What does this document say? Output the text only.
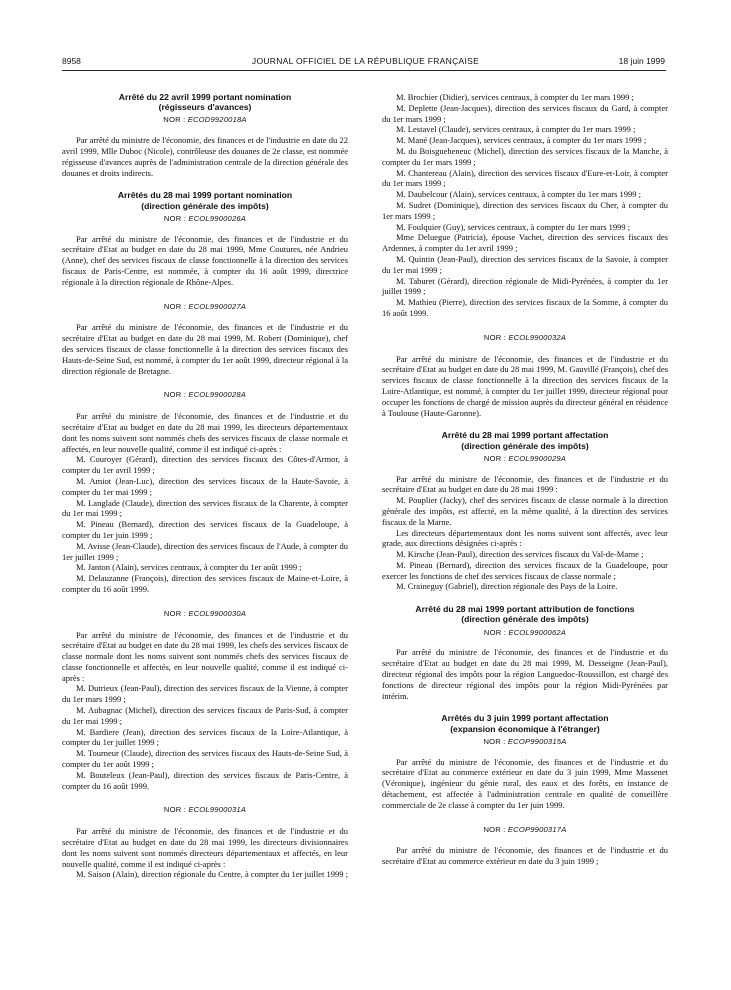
8958	JOURNAL OFFICIEL DE LA RÉPUBLIQUE FRANÇAISE	18 juin 1999
Arrêté du 22 avril 1999 portant nomination
(régisseurs d'avances)
NOR : ECOD9920018A

Par arrêté du ministre de l'économie, des finances et de l'industrie en date du 22 avril 1999, Mlle Duboc (Nicole), contrôleuse des douanes de 2e classe, est nommée régisseuse d'avances auprès de l'administration centrale de la direction générale des douanes et droits indirects.

Arrêtés du 28 mai 1999 portant nomination
(direction générale des impôts)
NOR : ECOL9900026A

Par arrêté du ministre de l'économie, des finances et de l'industrie et du secrétaire d'Etat au budget en date du 28 mai 1999, Mme Coutures, née Andrieu (Anne), chef des services fiscaux de classe fonctionnelle à la direction des services fiscaux de Paris-Centre, est nommée, à compter du 16 août 1999, directrice régionale à la direction régionale de Rhône-Alpes.

NOR : ECOL9900027A

Par arrêté du ministre de l'économie, des finances et de l'industrie et du secrétaire d'Etat au budget en date du 28 mai 1999, M. Robert (Dominique), chef des services fiscaux de classe fonctionnelle à la direction des services fiscaux des Hauts-de-Seine Sud, est nommé, à compter du 1er août 1999, directeur régional à la direction régionale de Bretagne.

NOR : ECOL9900028A

Par arrêté du ministre de l'économie, des finances et de l'industrie et du secrétaire d'Etat au budget en date du 28 mai 1999, les directeurs départementaux dont les noms suivent sont nommés chefs des services fiscaux de classe normale et affectés, en leur nouvelle qualité, comme il est indiqué ci-après :

M. Couroyer (Gérard), direction des services fiscaux des Côtes-d'Armor, à compter du 1er avril 1999 ;

M. Amiot (Jean-Luc), direction des services fiscaux de la Haute-Savoie, à compter du 1er mai 1999 ;

M. Langlade (Claude), direction des services fiscaux de la Charente, à compter du 1er mai 1999 ;

M. Pineau (Bernard), direction des services fiscaux de la Guadeloupe, à compter du 1er juin 1999 ;

M. Avisse (Jean-Claude), direction des services fiscaux de l'Aude, à compter du 1er juillet 1999 ;

M. Janton (Alain), services centraux, à compter du 1er août 1999 ;

M. Delauzanne (François), direction des services fiscaux de Maine-et-Loire, à compter du 16 août 1999.

NOR : ECOL9900030A

Par arrêté du ministre de l'économie, des finances et de l'industrie et du secrétaire d'Etat au budget en date du 28 mai 1999, les chefs des services fiscaux de classe normale dont les noms suivent sont nommés chefs des services fiscaux de classe fonctionnelle et affectés, en leur nouvelle qualité, comme il est indiqué ci-après :

M. Dutrieux (Jean-Paul), direction des services fiscaux de la Vienne, à compter du 1er mars 1999 ;

M. Aubagnac (Michel), direction des services fiscaux de Paris-Sud, à compter du 1er mai 1999 ;

M. Bardiere (Jean), direction des services fiscaux de la Loire-Atlantique, à compter du 1er juillet 1999 ;

M. Tourneur (Claude), direction des services fiscaux des Hauts-de-Seine Sud, à compter du 1er août 1999 ;

M. Bouteleux (Jean-Paul), direction des services fiscaux de Paris-Centre, à compter du 16 août 1999.

NOR : ECOL9900031A

Par arrêté du ministre de l'économie, des finances et de l'industrie et du secrétaire d'Etat au budget en date du 28 mai 1999, les directeurs divisionnaires dont les noms suivent sont nommés directeurs départementaux et affectés, en leur nouvelle qualité, comme il est indiqué ci-après :

M. Saison (Alain), direction régionale du Centre, à compter du 1er juillet 1999 ;

M. Brochier (Didier), services centraux, à compter du 1er mars 1999 ;

M. Deplette (Jean-Jacques), direction des services fiscaux du Gard, à compter du 1er mars 1999 ;

M. Lestavel (Claude), services centraux, à compter du 1er mars 1999 ;

M. Mané (Jean-Jacques), services centraux, à compter du 1er mars 1999 ;

M. du Boisgueheneuc (Michel), direction des services fiscaux de la Manche, à compter du 1er mars 1999 ;

M. Chantereau (Alain), direction des services fiscaux d'Eure-et-Loir, à compter du 1er mars 1999 ;

M. Daubelcour (Alain), services centraux, à compter du 1er mars 1999 ;

M. Sudret (Dominique), direction des services fiscaux du Cher, à compter du 1er mars 1999 ;

M. Foulquier (Guy), services centraux, à compter du 1er mars 1999 ;

Mme Deluegue (Patricia), épouse Vachet, direction des services fiscaux des Ardennes, à compter du 1er avril 1999 ;

M. Quintin (Jean-Paul), direction des services fiscaux de la Savoie, à compter du 1er mai 1999 ;

M. Taburet (Gérard), direction régionale de Midi-Pyrénées, à compter du 1er juillet 1999 ;

M. Mathieu (Pierre), direction des services fiscaux de la Somme, à compter du 16 août 1999.

NOR : ECOL9900032A

Par arrêté du ministre de l'économie, des finances et de l'industrie et du secrétaire d'Etat au budget en date du 28 mai 1999, M. Gauvillé (François), chef des services fiscaux de classe fonctionnelle à la direction des services fiscaux de la Loire-Atlantique, est nommé, à compter du 1er juillet 1999, directeur régional pour occuper les fonctions de chargé de mission auprès du directeur général en résidence à Toulouse (Haute-Garonne).

Arrêté du 28 mai 1999 portant affectation
(direction générale des impôts)
NOR : ECOL9900029A

Par arrêté du ministre de l'économie, des finances et de l'industrie et du secrétaire d'Etat au budget en date du 28 mai 1999 :

M. Pouplier (Jacky), chef des services fiscaux de classe normale à la direction générale des impôts, est affecté, en la même qualité, à la direction des services fiscaux de la Marne.

Les directeurs départementaux dont les noms suivent sont affectés, avec leur grade, aux directions désignées ci-après :

M. Kirsche (Jean-Paul), direction des services fiscaux du Val-de-Marne ;

M. Pineau (Bernard), direction des services fiscaux de la Guadeloupe, pour exercer les fonctions de chef des services fiscaux de classe normale ;

M. Craineguy (Gabriel), direction régionale des Pays de la Loire.

Arrêté du 28 mai 1999 portant attribution de fonctions
(direction générale des impôts)
NOR : ECOL9900062A

Par arrêté du ministre de l'économie, des finances et de l'industrie et du secrétaire d'Etat au budget en date du 28 mai 1999, M. Desseigne (Jean-Paul), directeur régional des impôts pour la région Languedoc-Roussillon, est chargé des fonctions de directeur régional des impôts pour la région Midi-Pyrénées par intérim.

Arrêtés du 3 juin 1999 portant affectation
(expansion économique à l'étranger)
NOR : ECOP9900315A

Par arrêté du ministre de l'économie, des finances et de l'industrie et du secrétaire d'Etat au commerce extérieur en date du 3 juin 1999, Mme Massenet (Véronique), ingénieur du génie rural, des eaux et des forêts, en instance de détachement, est affectée à l'administration centrale en qualité de conseillère commerciale de 2e classe à compter du 1er juin 1999.

NOR : ECOP9900317A

Par arrêté du ministre de l'économie, des finances et de l'industrie et du secrétaire d'Etat au commerce extérieur en date du 3 juin 1999 ;
